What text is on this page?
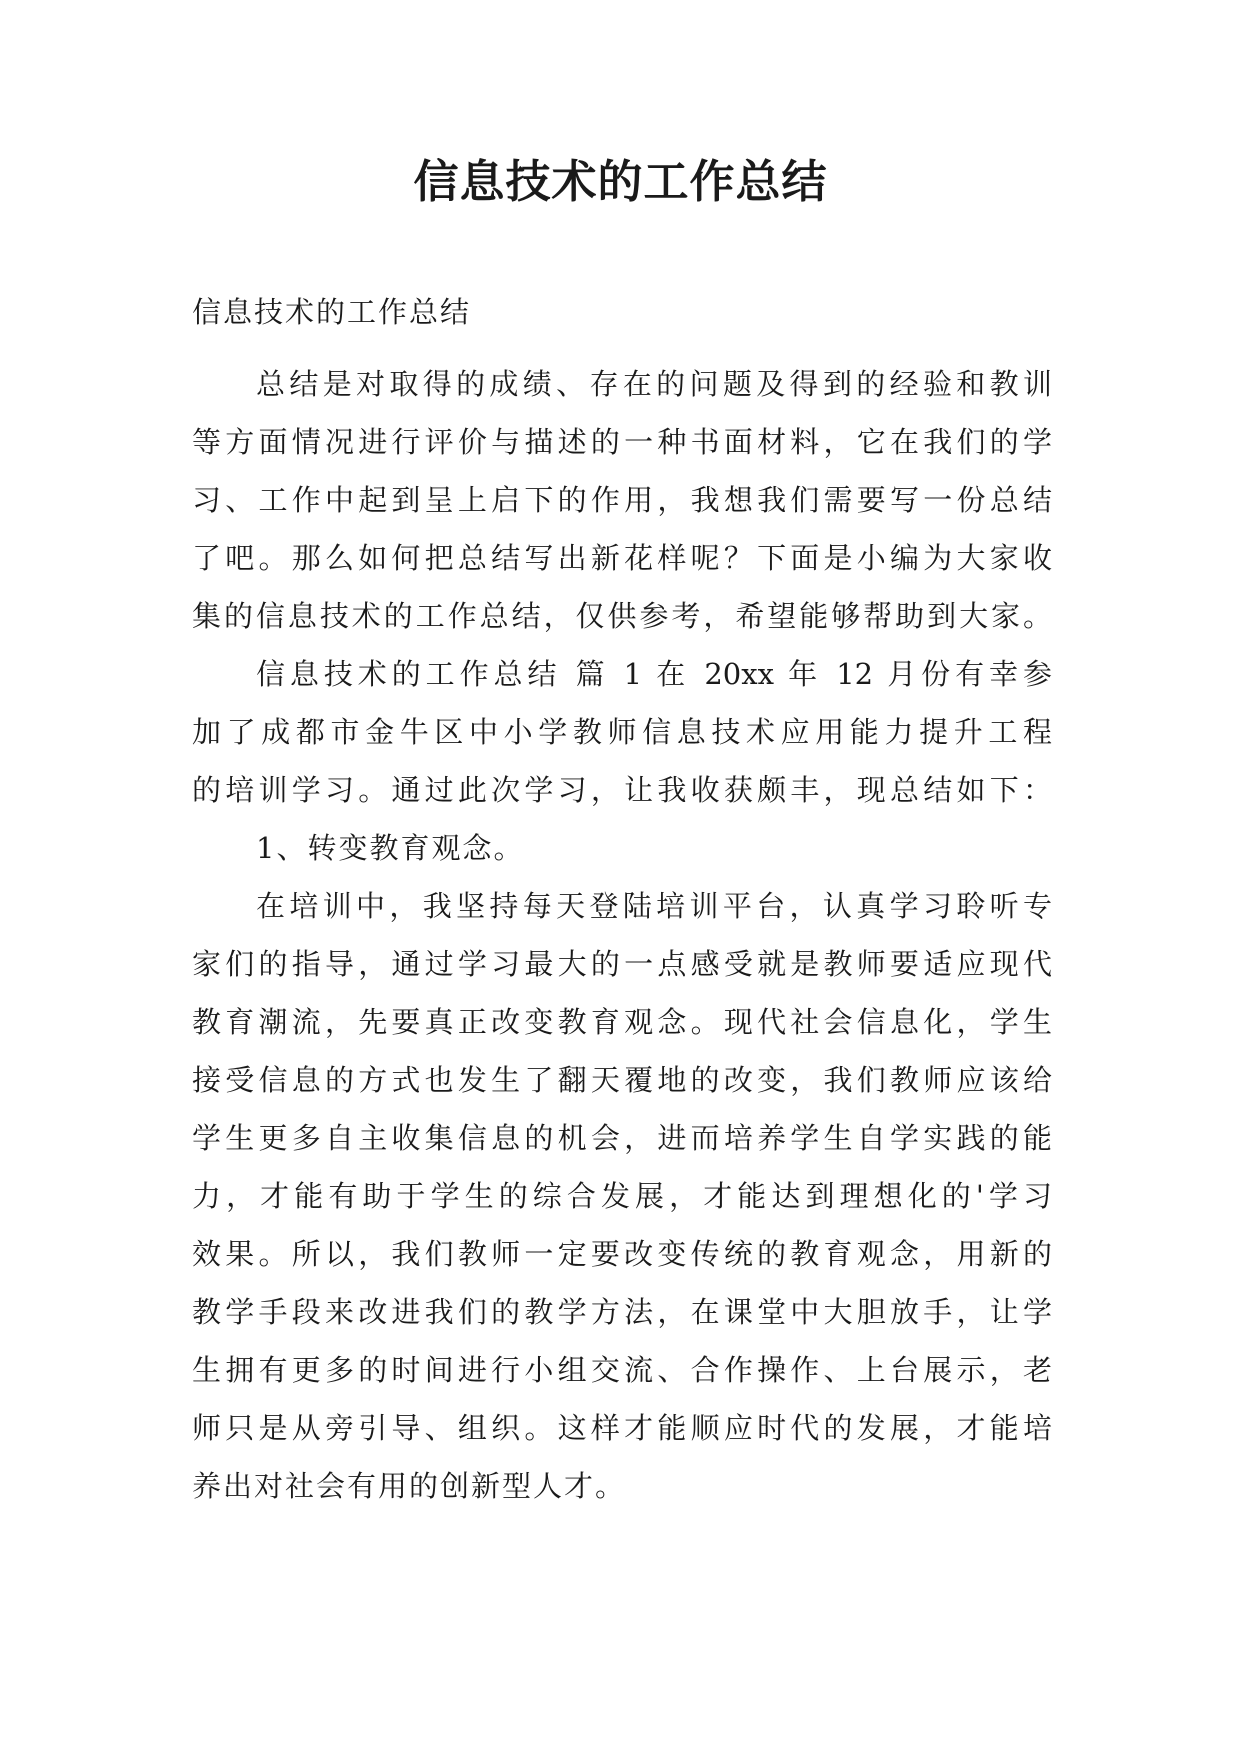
信息技术的工作总结
信息技术的工作总结
总结是对取得的成绩、存在的问题及得到的经验和教训
等方面情况进行评价与描述的一种书面材料，它在我们的学
习、工作中起到呈上启下的作用，我想我们需要写一份总结
了吧。那么如何把总结写出新花样呢？下面是小编为大家收
集的信息技术的工作总结，仅供参考，希望能够帮助到大家。
信息技术的工作总结 篇 1 在 20xx 年 12 月份有幸参
加了成都市金牛区中小学教师信息技术应用能力提升工程
的培训学习。通过此次学习，让我收获颇丰，现总结如下：
1、转变教育观念。
在培训中，我坚持每天登陆培训平台，认真学习聆听专
家们的指导，通过学习最大的一点感受就是教师要适应现代
教育潮流，先要真正改变教育观念。现代社会信息化，学生
接受信息的方式也发生了翻天覆地的改变，我们教师应该给
学生更多自主收集信息的机会，进而培养学生自学实践的能
力，才能有助于学生的综合发展，才能达到理想化的'学习
效果。所以，我们教师一定要改变传统的教育观念，用新的
教学手段来改进我们的教学方法，在课堂中大胆放手，让学
生拥有更多的时间进行小组交流、合作操作、上台展示，老
师只是从旁引导、组织。这样才能顺应时代的发展，才能培
养出对社会有用的创新型人才。
